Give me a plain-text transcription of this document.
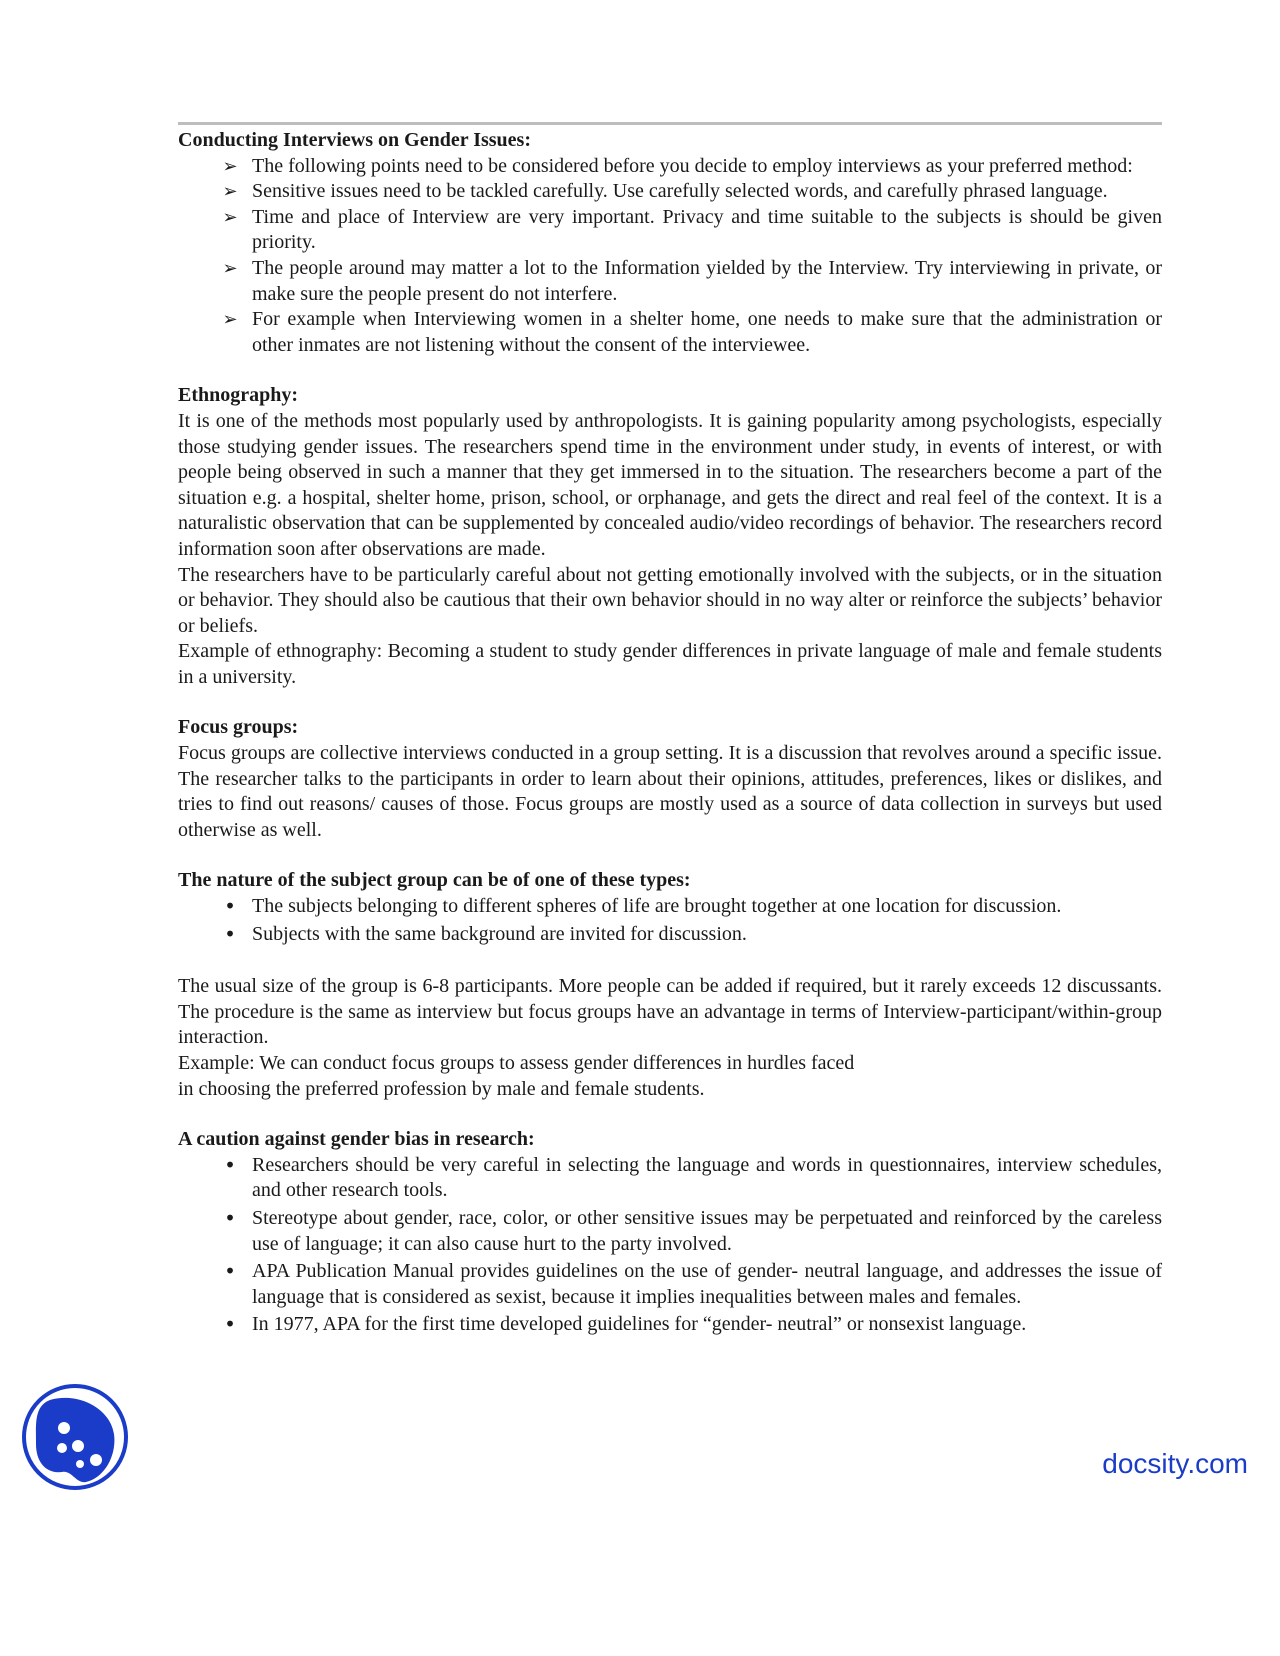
Conducting Interviews on Gender Issues:

➢ The following points need to be considered before you decide to employ interviews as your preferred method:
➢ Sensitive issues need to be tackled carefully. Use carefully selected words, and carefully phrased language.
➢ Time and place of Interview are very important. Privacy and time suitable to the subjects is should be given priority.
➢ The people around may matter a lot to the Information yielded by the Interview. Try interviewing in private, or make sure the people present do not interfere.
➢ For example when Interviewing women in a shelter home, one needs to make sure that the administration or other inmates are not listening without the consent of the interviewee.

Ethnography:

It is one of the methods most popularly used by anthropologists. It is gaining popularity among psychologists, especially those studying gender issues. The researchers spend time in the environment under study, in events of interest, or with people being observed in such a manner that they get immersed in to the situation. The researchers become a part of the situation e.g. a hospital, shelter home, prison, school, or orphanage, and gets the direct and real feel of the context. It is a naturalistic observation that can be supplemented by concealed audio/video recordings of behavior. The researchers record information soon after observations are made.

The researchers have to be particularly careful about not getting emotionally involved with the subjects, or in the situation or behavior. They should also be cautious that their own behavior should in no way alter or reinforce the subjects’ behavior or beliefs.

Example of ethnography: Becoming a student to study gender differences in private language of male and female students in a university.

Focus groups:

Focus groups are collective interviews conducted in a group setting. It is a discussion that revolves around a specific issue. The researcher talks to the participants in order to learn about their opinions, attitudes, preferences, likes or dislikes, and tries to find out reasons/ causes of those. Focus groups are mostly used as a source of data collection in surveys but used otherwise as well.

The nature of the subject group can be of one of these types:

• The subjects belonging to different spheres of life are brought together at one location for discussion.
• Subjects with the same background are invited for discussion.

The usual size of the group is 6-8 participants. More people can be added if required, but it rarely exceeds 12 discussants. The procedure is the same as interview but focus groups have an advantage in terms of Interview-participant/within-group interaction.

Example: We can conduct focus groups to assess gender differences in hurdles faced

in choosing the preferred profession by male and female students.

A caution against gender bias in research:

• Researchers should be very careful in selecting the language and words in questionnaires, interview schedules, and other research tools.
• Stereotype about gender, race, color, or other sensitive issues may be perpetuated and reinforced by the careless use of language; it can also cause hurt to the party involved.
• APA Publication Manual provides guidelines on the use of gender- neutral language, and addresses the issue of language that is considered as sexist, because it implies inequalities between males and females.
• In 1977, APA for the first time developed guidelines for “gender- neutral” or nonsexist language.
docsity.com
